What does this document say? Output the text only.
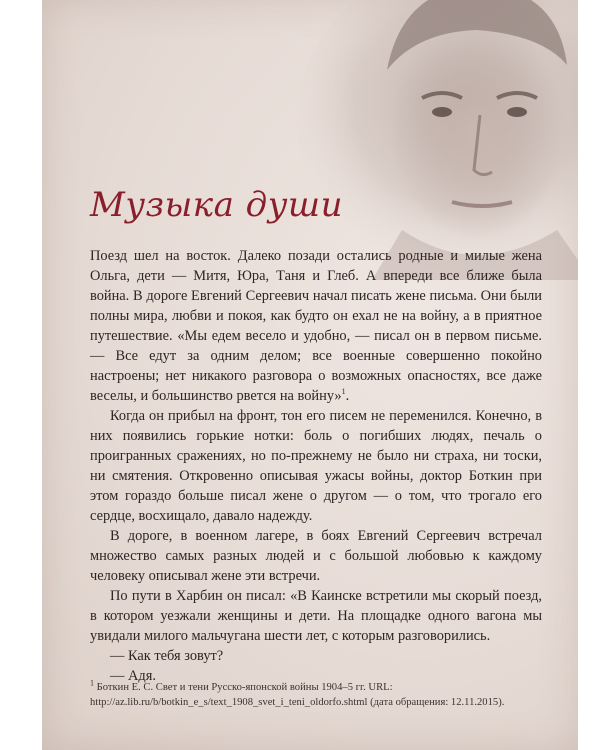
Музыка души

Поезд шел на восток. Далеко позади остались родные и милые жена Ольга, дети — Митя, Юра, Таня и Глеб. А впереди все ближе была война. В дороге Евгений Сергеевич начал писать жене письма. Они были полны мира, любви и покоя, как будто он ехал не на войну, а в приятное путешествие. «Мы едем весело и удобно, — писал он в первом письме. — Все едут за одним делом; все военные совершенно покойно настроены; нет никакого разговора о возможных опасностях, все даже веселы, и большинство рвется на войну»$^1$.

Когда он прибыл на фронт, тон его писем не переменился. Конечно, в них появились горькие нотки: боль о погибших людях, печаль о проигранных сражениях, но по-прежнему не было ни страха, ни тоски, ни смятения. Откровенно описывая ужасы войны, доктор Боткин при этом гораздо больше писал жене о другом — о том, что трогало его сердце, восхищало, давало надежду.

В дороге, в военном лагере, в боях Евгений Сергеевич встречал множество самых разных людей и с большой любовью к каждому человеку описывал жене эти встречи.

По пути в Харбин он писал: «В Каинске встретили мы скорый поезд, в котором уезжали женщины и дети. На площадке одного вагона мы увидали милого мальчугана шести лет, с которым разговорились.

— Как тебя зовут?

— Адя.

$^1$ Боткин Е. С. Свет и тени Русско-японской войны 1904–5 гг. URL: http://az.lib.ru/b/botkin_e_s/text_1908_svet_i_teni_oldorfo.shtml (дата обращения: 12.11.2015).
